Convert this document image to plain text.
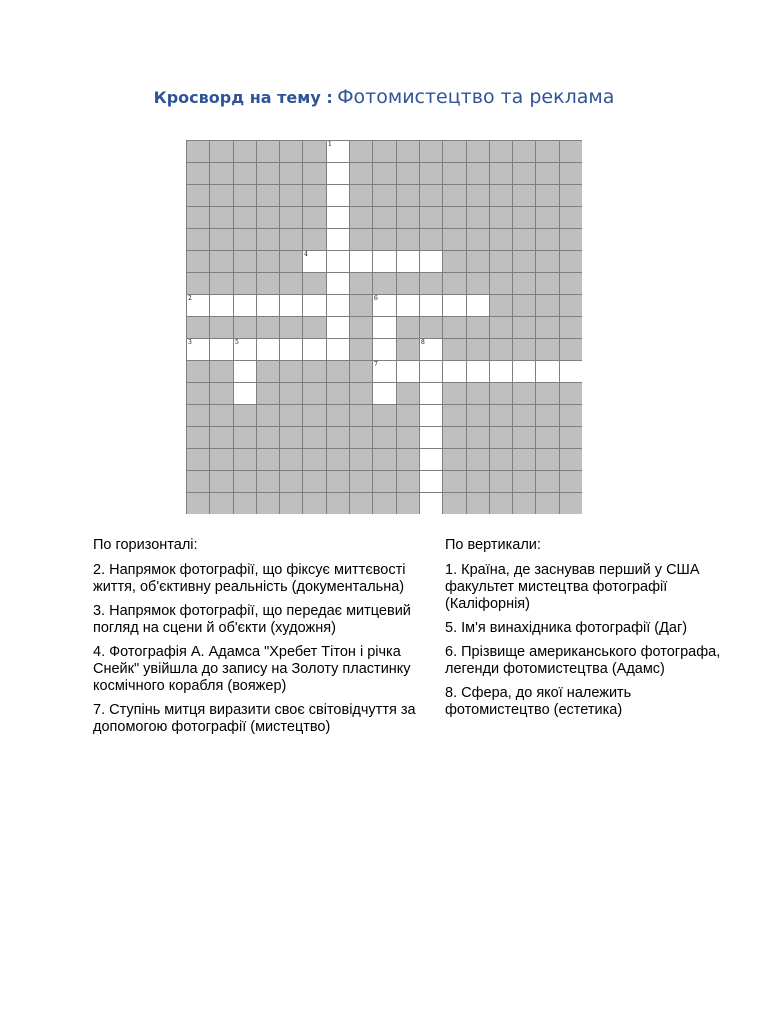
Кросворд на тему : Фотомистецтво та реклама
1
4
2	6
3	5	8
7
По горизонталі:
2. Напрямок фотографії, що фіксує миттєвості життя, об'єктивну реальність (документальна)
3. Напрямок фотографії, що передає митцевий погляд на сцени й об'єкти (художня)
4. Фотографія А. Адамса "Хребет Тітон і річка Снейк" увійшла до запису на Золоту пластинку космічного корабля (вояжер)
7. Ступінь митця виразити своє світовідчуття за допомогою фотографії (мистецтво)
По вертикали:
1. Країна, де заснував перший у США факультет мистецтва фотографії (Каліфорнія)
5. Ім'я винахідника фотографії (Даг)
6. Прізвище американського фотографа, легенди фотомистецтва (Адамс)
8. Сфера, до якої належить фотомистецтво (естетика)
